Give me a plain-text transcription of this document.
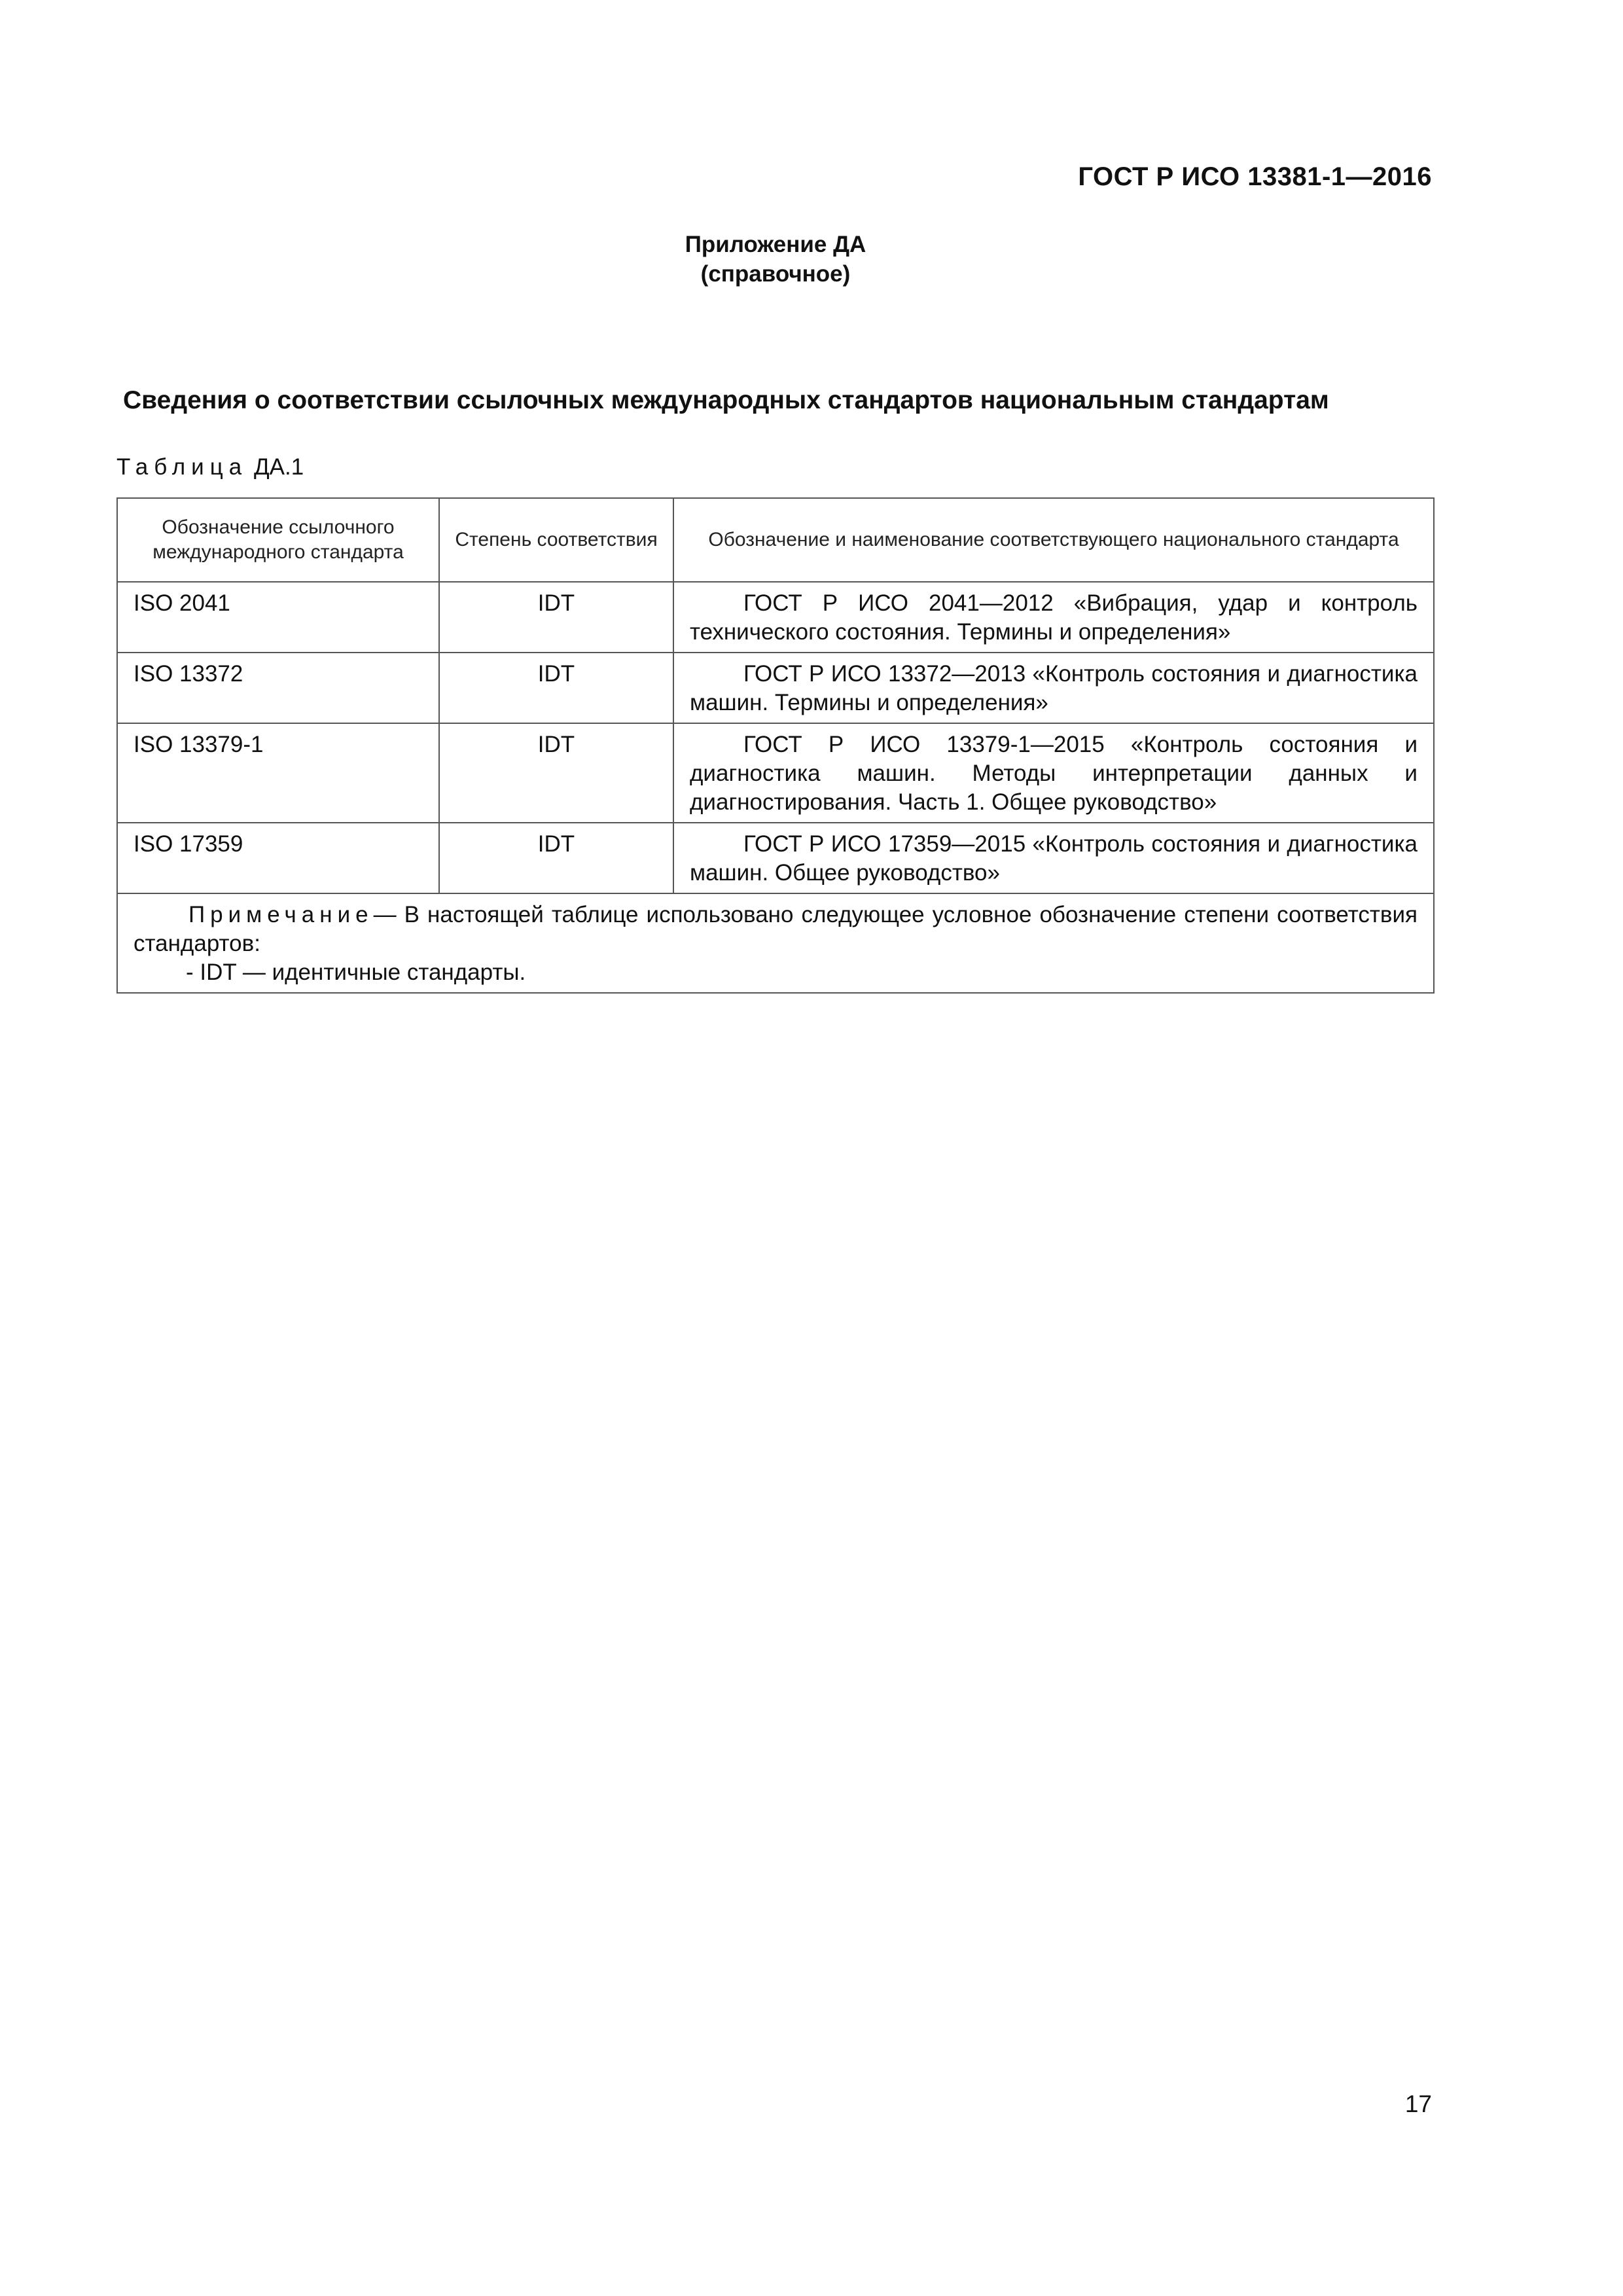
ГОСТ Р ИСО 13381-1—2016
Приложение ДА
(справочное)
Сведения о соответствии ссылочных международных стандартов национальным стандартам
Таблица ДА.1
Обозначение ссылочного международного стандарта	Степень соответствия	Обозначение и наименование соответствующего национального стандарта
ISO 2041	IDT	ГОСТ Р ИСО 2041—2012 «Вибрация, удар и контроль технического состояния. Термины и определения»
ISO 13372	IDT	ГОСТ Р ИСО 13372—2013 «Контроль состояния и диагностика машин. Термины и определения»
ISO 13379-1	IDT	ГОСТ Р ИСО 13379-1—2015 «Контроль состояния и диагностика машин. Методы интерпретации данных и диагностирования. Часть 1. Общее руководство»
ISO 17359	IDT	ГОСТ Р ИСО 17359—2015 «Контроль состояния и диагностика машин. Общее руководство»

Примечание— В настоящей таблице использовано следующее условное обозначение степени соответствия стандартов:
- IDT — идентичные стандарты.		
17
